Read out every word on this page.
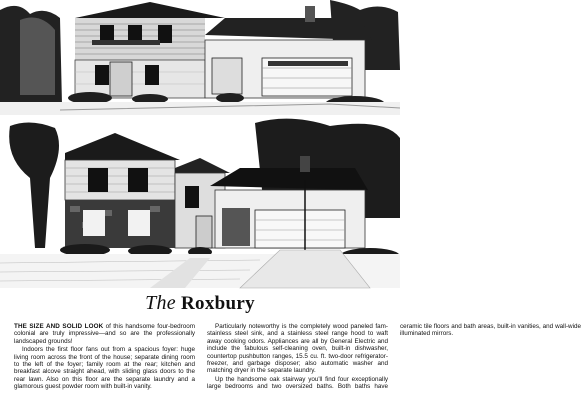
The Roxbury

THE SIZE AND SOLID LOOK of this handsome four-bedroom colonial are truly impressive—and so are the professionally landscaped grounds!

Indoors the first floor fans out from a spacious foyer: huge living room across the front of the house; separate dining room to the left of the foyer; family room at the rear; kitchen and breakfast alcove straight ahead, with sliding glass doors to the rear lawn. Also on this floor are the separate laundry and a glamorous guest powder room with built-in vanity.

Particularly noteworthy is the completely wood paneled fam- stainless steel sink, and a stainless steel range hood to waft away cooking odors. Appliances are all by General Electric and include the fabulous self-cleaning oven, built-in dishwasher, countertop pushbutton ranges, 15.5 cu. ft. two-door refrigerator-freezer, and garbage disposer; also automatic washer and matching dryer in the separate laundry.

Up the handsome oak stairway you'll find four exceptionally large bedrooms and two oversized baths. Both baths have ceramic tile floors and bath areas, built-in vanities, and wall-wide illuminated mirrors.
